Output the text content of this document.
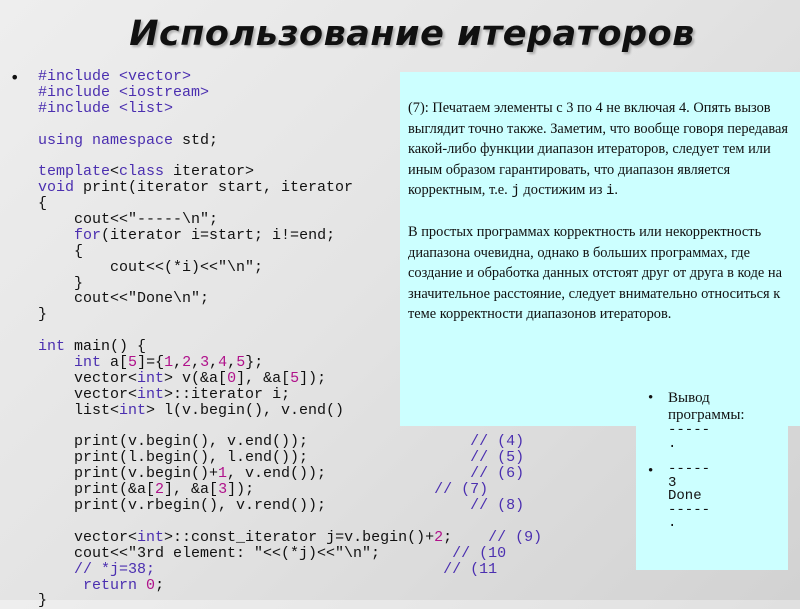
Использование итераторов
• #include <vector>
#include <iostream>
#include <list>
using namespace std;
template<class iterator>
void print(iterator start, iterator
{
cout<<"-----\n";
for(iterator i=start; i!=end;
{
cout<<(*i)<<"\n";
}
cout<<"Done\n";
}
int main() {
int a[5]={1,2,3,4,5};
vector<int> v(&a[0], &a[5]);
vector<int>::iterator i;
list<int> l(v.begin(), v.end()
print(v.begin(), v.end());                  // (4)
print(l.begin(), l.end());                  // (5)
print(v.begin()+1, v.end());                // (6)
print(&a[2], &a[3]);                    // (7)
print(v.rbegin(), v.rend());                // (8)
vector<int>::const_iterator j=v.begin()+2;    // (9)
cout<<"3rd element: "<<(*j)<<"\n";        // (10
// *j=38;	// (11
return 0;
}

(7): Печатаем элементы с 3 по 4 не включая 4. Опять вызов выглядит точно также. Заметим, что вообще говоря передавая какой-либо функции диапазон итераторов, следует тем или иным образом гарантировать, что диапазон является корректным, т.е. j достижим из i.

В простых программах корректность или некорректность диапазона очевидна, однако в больших программах, где создание и обработка данных отстоят друг от друга в коде на значительное расстояние, следует внимательно относиться к теме корректности диапазонов итераторов.

• Вывод программы:
-----
.
• -----
3
Done
-----
.
